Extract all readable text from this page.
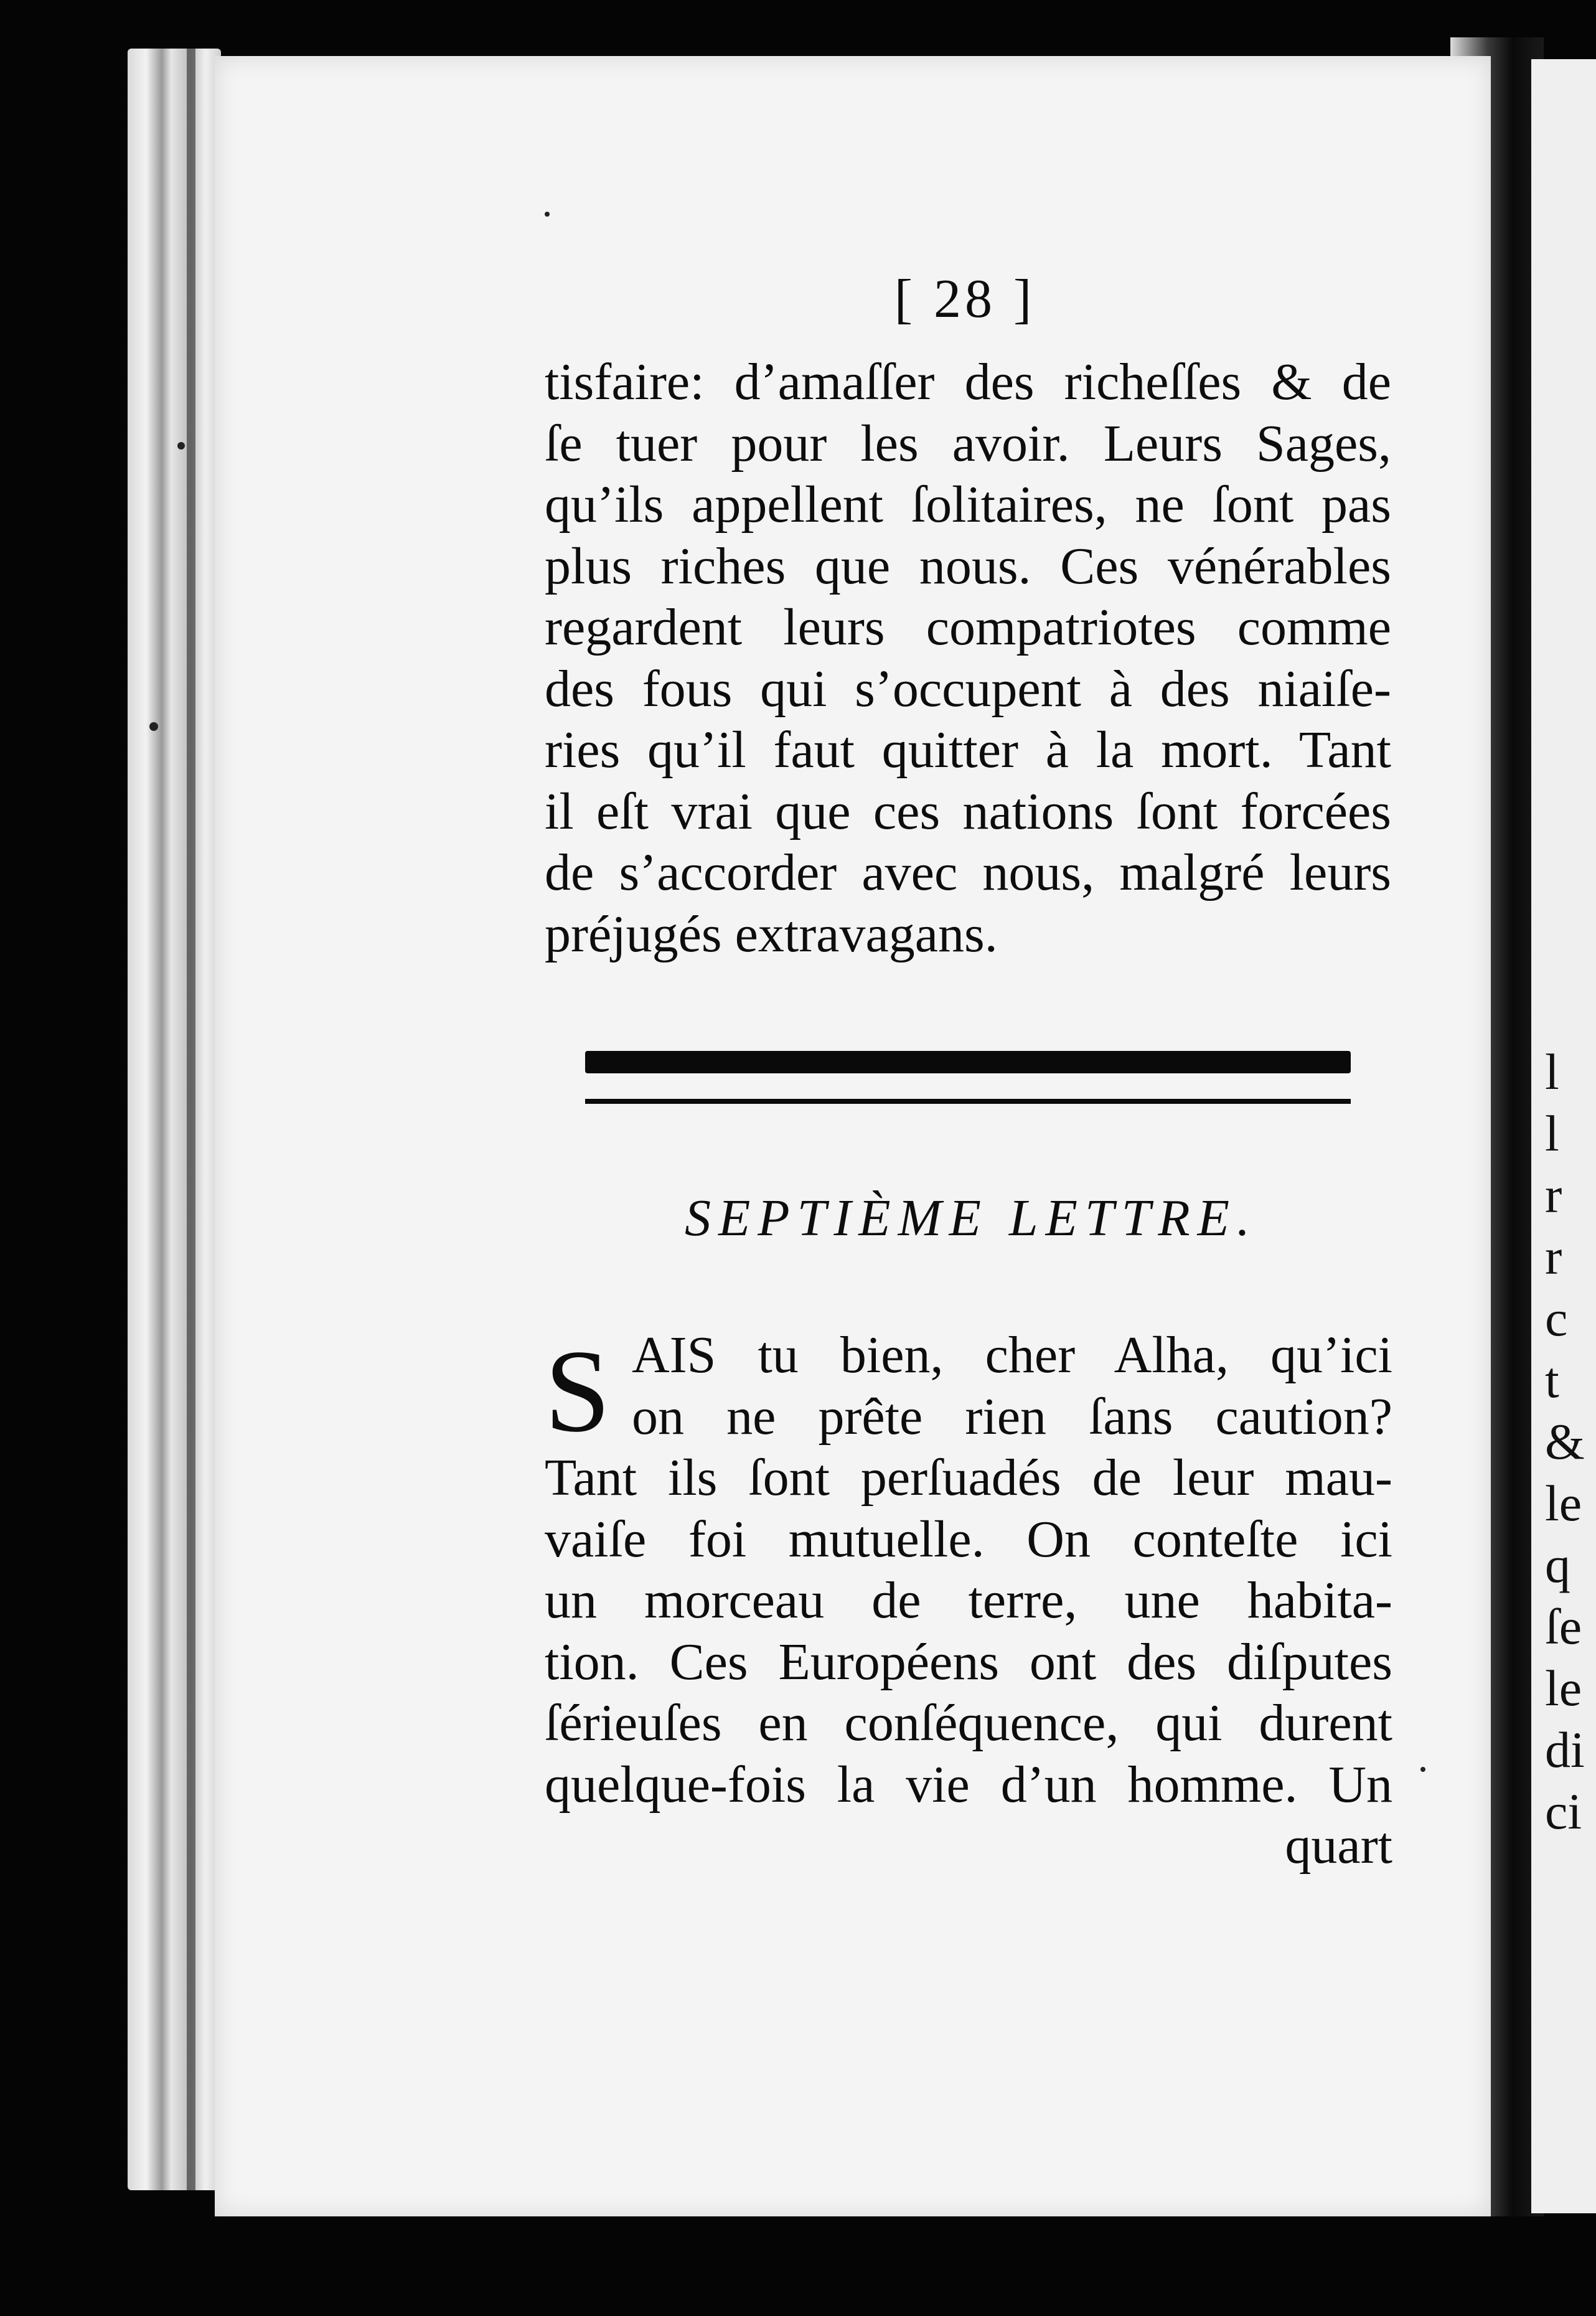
l
l
r
r
c
t
&
le
q
ſe
le
di
ci
[ 28 ]
tisfaire: d’amaſſer des richeſſes & de
ſe tuer pour les avoir. Leurs Sages,
qu’ils appellent ſolitaires, ne ſont pas
plus riches que nous. Ces vénérables
regardent leurs compatriotes comme
des fous qui s’occupent à des niaiſe-
ries qu’il faut quitter à la mort. Tant
il eſt vrai que ces nations ſont forcées
de s’accorder avec nous, malgré leurs
préjugés extravagans.
SEPTIÈME LETTRE.
S AIS tu bien, cher Alha, qu’ici
on ne prête rien ſans caution?
Tant ils ſont perſuadés de leur mau-
vaiſe foi mutuelle. On conteſte ici
un morceau de terre, une habita-
tion. Ces Européens ont des diſputes
ſérieuſes en conſéquence, qui durent
quelque-fois la vie d’un homme. Un
quart
